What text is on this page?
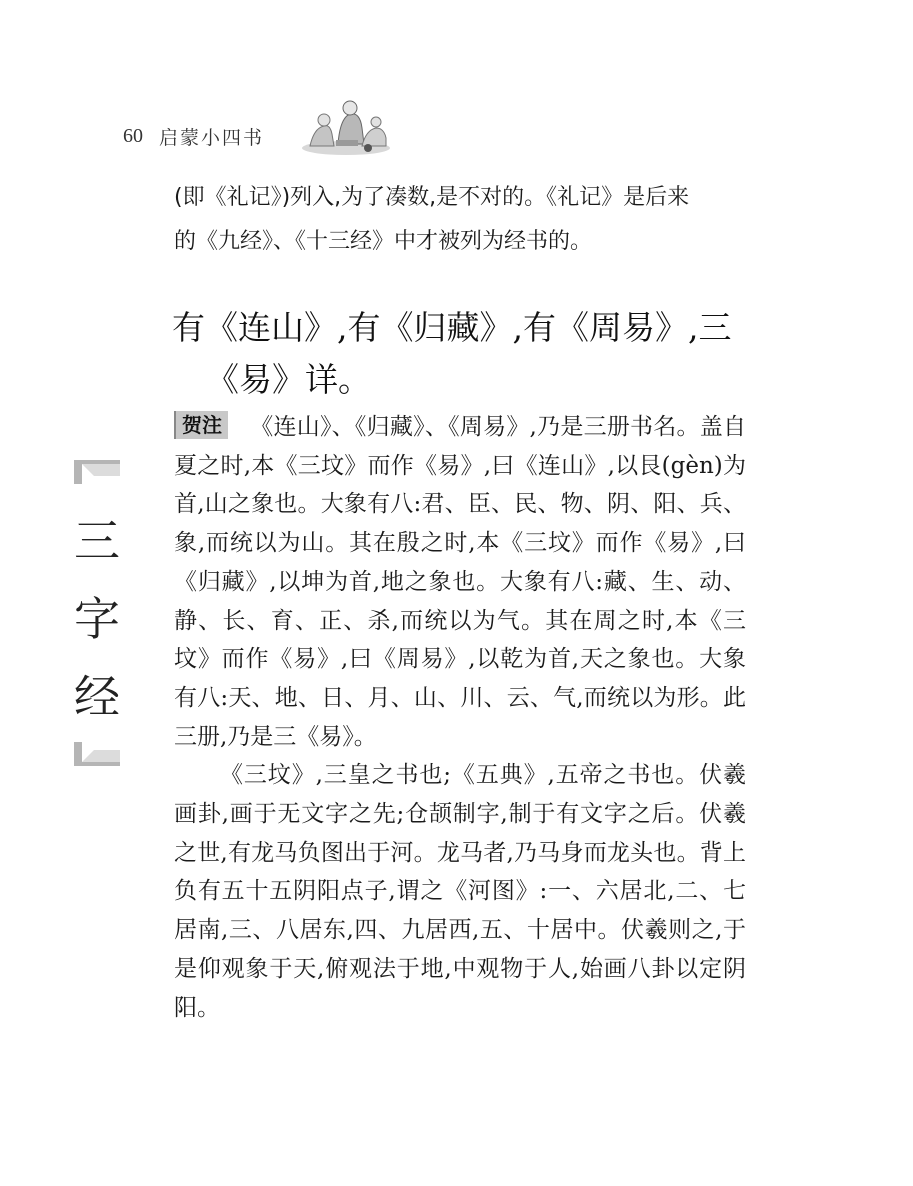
60 启蒙小四书

(即《礼记》)列入,为了凑数,是不对的。《礼记》是后来

的《九经》、《十三经》中才被列为经书的。

有《连山》,有《归藏》,有《周易》,三
《易》详。

贺注 《连山》、《归藏》、《周易》,乃是三册书名。盖自夏之时,本《三坟》而作《易》,曰《连山》,以艮(gèn)为首,山之象也。大象有八:君、臣、民、物、阴、阳、兵、象,而统以为山。其在殷之时,本《三坟》而作《易》,曰《归藏》,以坤为首,地之象也。大象有八:藏、生、动、静、长、育、正、杀,而统以为气。其在周之时,本《三坟》而作《易》,曰《周易》,以乾为首,天之象也。大象有八:天、地、日、月、山、川、云、气,而统以为形。此三册,乃是三《易》。

《三坟》,三皇之书也;《五典》,五帝之书也。伏羲画卦,画于无文字之先;仓颉制字,制于有文字之后。伏羲之世,有龙马负图出于河。龙马者,乃马身而龙头也。背上负有五十五阴阳点子,谓之《河图》:一、六居北,二、七居南,三、八居东,四、九居西,五、十居中。伏羲则之,于是仰观象于天,俯观法于地,中观物于人,始画八卦以定阴阳。

三
字
经
